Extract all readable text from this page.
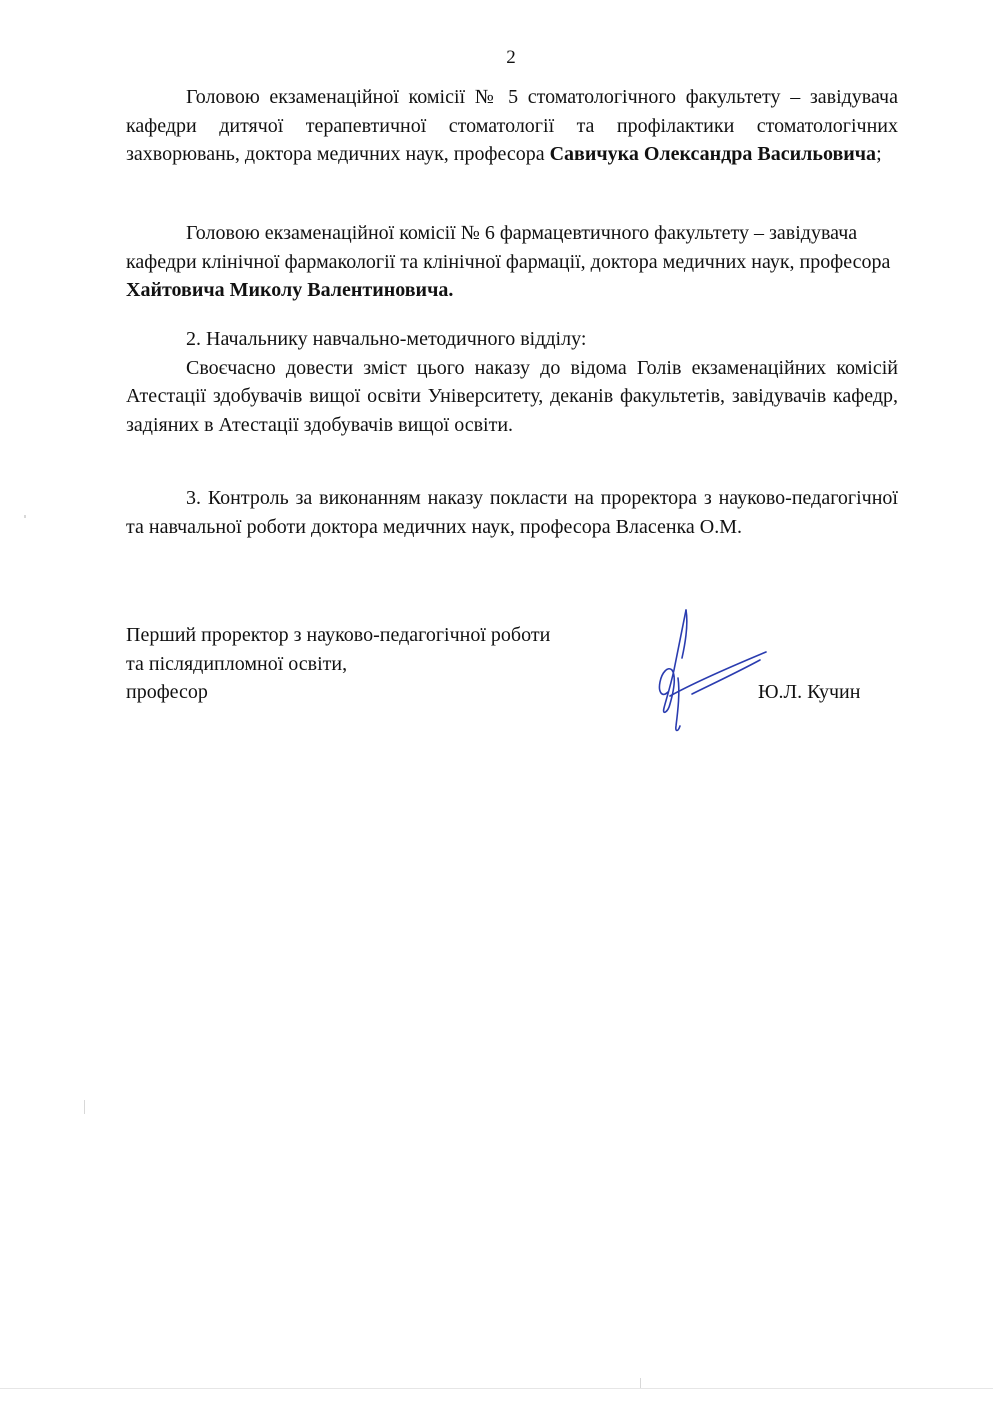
2

Головою екзаменаційної комісії № 5 стоматологічного факультету – завідувача кафедри дитячої терапевтичної стоматології та профілактики стоматологічних захворювань, доктора медичних наук, професора Савичука Олександра Васильовича;

Головою екзаменаційної комісії № 6 фармацевтичного факультету – завідувача кафедри клінічної фармакології та клінічної фармації, доктора медичних наук, професора Хайтовича Миколу Валентиновича.

2. Начальнику навчально-методичного відділу:

Своєчасно довести зміст цього наказу до відома Голів екзаменаційних комісій Атестації здобувачів вищої освіти Університету, деканів факультетів, завідувачів кафедр, задіяних в Атестації здобувачів вищої освіти.

3. Контроль за виконанням наказу покласти на проректора з науково-педагогічної та навчальної роботи доктора медичних наук, професора Власенка О.М.

Перший проректор з науково-педагогічної роботи
та післядипломної освіти,
професор	Ю.Л. Кучин
